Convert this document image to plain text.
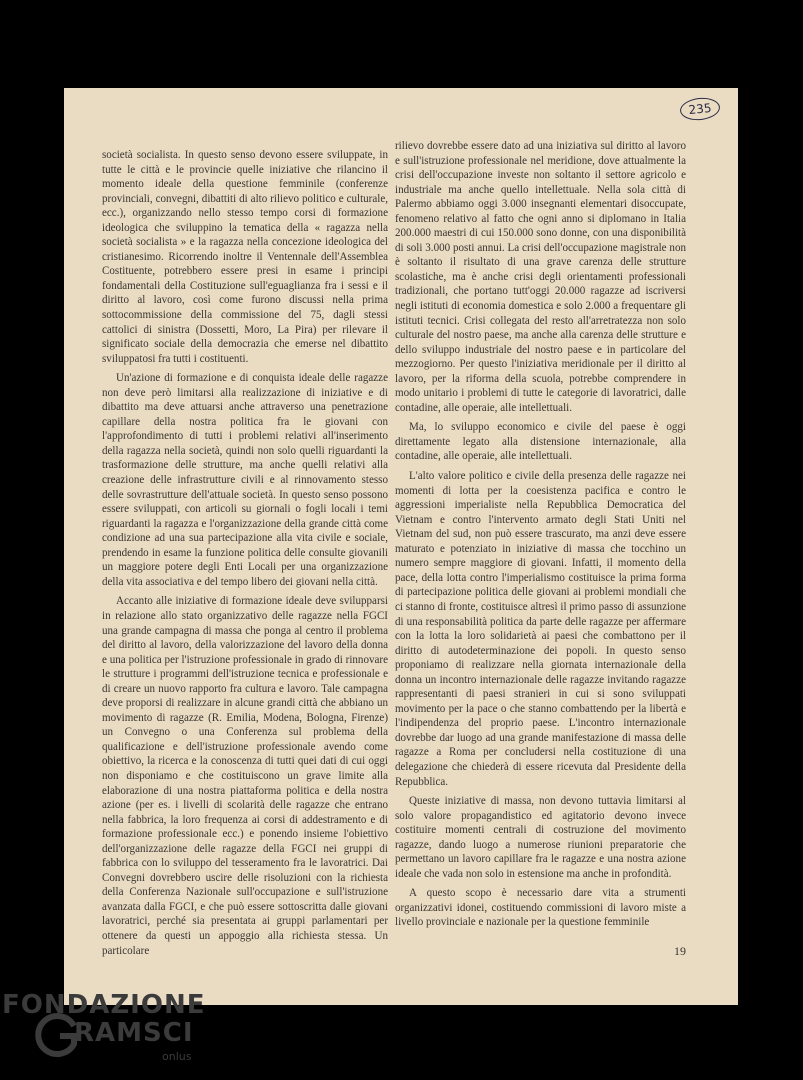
235

società socialista. In questo senso devono essere sviluppate, in tutte le città e le provincie quelle iniziative che rilancino il momento ideale della questione femminile (conferenze provinciali, convegni, dibattiti di alto rilievo politico e culturale, ecc.), organizzando nello stesso tempo corsi di formazione ideologica che sviluppino la tematica della « ragazza nella società socialista » e la ragazza nella concezione ideologica del cristianesimo. Ricorrendo inoltre il Ventennale dell'Assemblea Costituente, potrebbero essere presi in esame i principi fondamentali della Costituzione sull'eguaglianza fra i sessi e il diritto al lavoro, così come furono discussi nella prima sottocommissione della commissione del 75, dagli stessi cattolici di sinistra (Dossetti, Moro, La Pira) per rilevare il significato sociale della democrazia che emerse nel dibattito sviluppatosi fra tutti i costituenti.

Un'azione di formazione e di conquista ideale delle ragazze non deve però limitarsi alla realizzazione di iniziative e di dibattito ma deve attuarsi anche attraverso una penetrazione capillare della nostra politica fra le giovani con l'approfondimento di tutti i problemi relativi all'inserimento della ragazza nella società, quindi non solo quelli riguardanti la trasformazione delle strutture, ma anche quelli relativi alla creazione delle infrastrutture civili e al rinnovamento stesso delle sovrastrutture dell'attuale società. In questo senso possono essere sviluppati, con articoli su giornali o fogli locali i temi riguardanti la ragazza e l'organizzazione della grande città come condizione ad una sua partecipazione alla vita civile e sociale, prendendo in esame la funzione politica delle consulte giovanili un maggiore potere degli Enti Locali per una organizzazione della vita associativa e del tempo libero dei giovani nella città.

Accanto alle iniziative di formazione ideale deve svilupparsi in relazione allo stato organizzativo delle ragazze nella FGCI una grande campagna di massa che ponga al centro il problema del diritto al lavoro, della valorizzazione del lavoro della donna e una politica per l'istruzione professionale in grado di rinnovare le strutture i programmi dell'istruzione tecnica e professionale e di creare un nuovo rapporto fra cultura e lavoro. Tale campagna deve proporsi di realizzare in alcune grandi città che abbiano un movimento di ragazze (R. Emilia, Modena, Bologna, Firenze) un Convegno o una Conferenza sul problema della qualificazione e dell'istruzione professionale avendo come obiettivo, la ricerca e la conoscenza di tutti quei dati di cui oggi non disponiamo e che costituiscono un grave limite alla elaborazione di una nostra piattaforma politica e della nostra azione (per es. i livelli di scolarità delle ragazze che entrano nella fabbrica, la loro frequenza ai corsi di addestramento e di formazione professionale ecc.) e ponendo insieme l'obiettivo dell'organizzazione delle ragazze della FGCI nei gruppi di fabbrica con lo sviluppo del tesseramento fra le lavoratrici. Dai Convegni dovrebbero uscire delle risoluzioni con la richiesta della Conferenza Nazionale sull'occupazione e sull'istruzione avanzata dalla FGCI, e che può essere sottoscritta dalle giovani lavoratrici, perché sia presentata ai gruppi parlamentari per ottenere da questi un appoggio alla richiesta stessa. Un particolare

rilievo dovrebbe essere dato ad una iniziativa sul diritto al lavoro e sull'istruzione professionale nel meridione, dove attualmente la crisi dell'occupazione investe non soltanto il settore agricolo e industriale ma anche quello intellettuale. Nella sola città di Palermo abbiamo oggi 3.000 insegnanti elementari disoccupate, fenomeno relativo al fatto che ogni anno si diplomano in Italia 200.000 maestri di cui 150.000 sono donne, con una disponibilità di soli 3.000 posti annui. La crisi dell'occupazione magistrale non è soltanto il risultato di una grave carenza delle strutture scolastiche, ma è anche crisi degli orientamenti professionali tradizionali, che portano tutt'oggi 20.000 ragazze ad iscriversi negli istituti di economia domestica e solo 2.000 a frequentare gli istituti tecnici. Crisi collegata del resto all'arretratezza non solo culturale del nostro paese, ma anche alla carenza delle strutture e dello sviluppo industriale del nostro paese e in particolare del mezzogiorno. Per questo l'iniziativa meridionale per il diritto al lavoro, per la riforma della scuola, potrebbe comprendere in modo unitario i problemi di tutte le categorie di lavoratrici, dalle contadine, alle operaie, alle intellettuali.

Ma, lo sviluppo economico e civile del paese è oggi direttamente legato alla distensione internazionale, alla contadine, alle operaie, alle intellettuali.

L'alto valore politico e civile della presenza delle ragazze nei momenti di lotta per la coesistenza pacifica e contro le aggressioni imperialiste nella Repubblica Democratica del Vietnam e contro l'intervento armato degli Stati Uniti nel Vietnam del sud, non può essere trascurato, ma anzi deve essere maturato e potenziato in iniziative di massa che tocchino un numero sempre maggiore di giovani. Infatti, il momento della pace, della lotta contro l'imperialismo costituisce la prima forma di partecipazione politica delle giovani ai problemi mondiali che ci stanno di fronte, costituisce altresì il primo passo di assunzione di una responsabilità politica da parte delle ragazze per affermare con la lotta la loro solidarietà ai paesi che combattono per il diritto di autodeterminazione dei popoli. In questo senso proponiamo di realizzare nella giornata internazionale della donna un incontro internazionale delle ragazze invitando ragazze rappresentanti di paesi stranieri in cui si sono sviluppati movimento per la pace o che stanno combattendo per la libertà e l'indipendenza del proprio paese. L'incontro internazionale dovrebbe dar luogo ad una grande manifestazione di massa delle ragazze a Roma per concludersi nella costituzione di una delegazione che chiederà di essere ricevuta dal Presidente della Repubblica.

Queste iniziative di massa, non devono tuttavia limitarsi al solo valore propagandistico ed agitatorio devono invece costituire momenti centrali di costruzione del movimento ragazze, dando luogo a numerose riunioni preparatorie che permettano un lavoro capillare fra le ragazze e una nostra azione ideale che vada non solo in estensione ma anche in profondità.

A questo scopo è necessario dare vita a strumenti organizzativi idonei, costituendo commissioni di lavoro miste a livello provinciale e nazionale per la questione femminile

19
FONDAZIONE
RAMSCI
onlus
